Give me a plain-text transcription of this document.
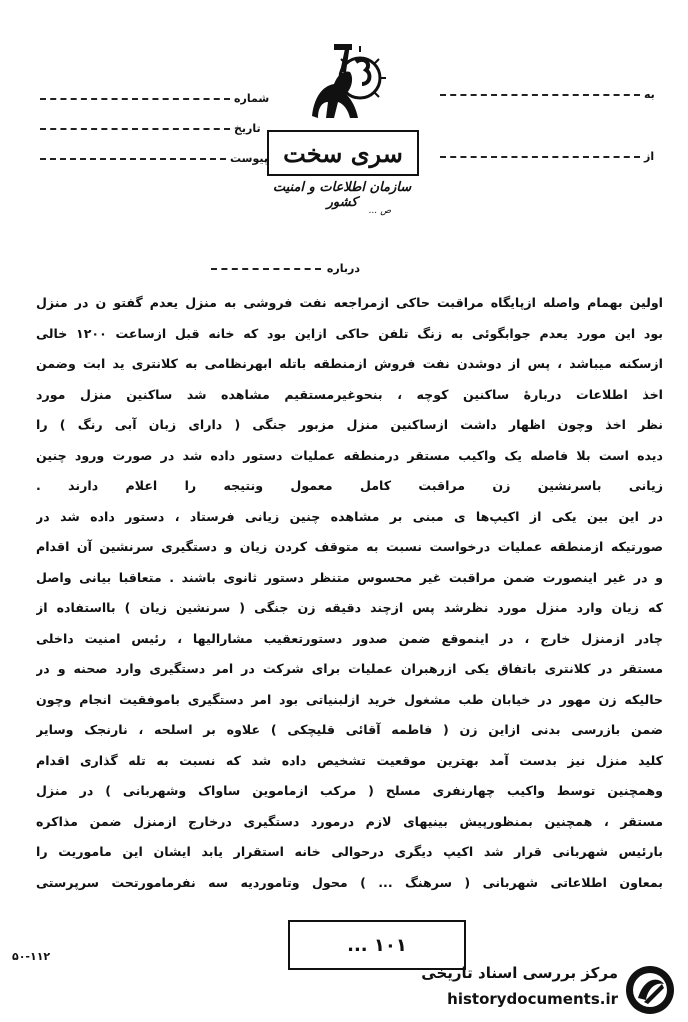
سری سخت
سازمان اطلاعات و امنیت کشور
ص ...
شماره
تاریخ
پیوست
به
از
درباره
اولین بهمام واصله ازپایگاه مراقبت حاکی ازمراجعه نفت فروشی به منزل یعدم گفتو ن در منزل
بود این مورد یعدم جوابگوئی به زنگ تلفن حاکی ازاین بود که خانه قبل ازساعت ۱۲۰۰ خالی
ازسکنه میباشد ، پس از دوشدن نفت فروش ازمنطقه باتله ابهرنظامی به کلانتری ید ابت وضمن
اخذ اطلاعات دربارهٔ ساکنین کوچه ، بنحوغیرمستقیم مشاهده شد ساکنین منزل مورد
نظر اخذ وچون اظهار داشت ازساکنین منزل مزبور جنگی ( دارای زبان آبی رنگ ) را
دیده است بلا فاصله یک واکیب مستقر درمنطقه عملیات دستور داده شد در صورت ورود چنین
زیانی باسرنشین زن مراقبت کامل معمول ونتیجه را اعلام دارند .
در این بین یکی از اکیپ‌ها ی مبنی بر مشاهده چنین زیانی فرستاد ، دستور داده شد در
صورتیکه ازمنطقه عملیات درخواست نسبت به متوقف کردن زیان و دستگیری سرنشین آن اقدام
و در غیر اینصورت ضمن مراقبت غیر محسوس متنظر دستور ثانوی باشند . متعاقبا بیانی واصل
که زیان وارد منزل مورد نظرشد پس ازچند دقیقه زن جنگی ( سرنشین زیان ) بااستفاده از
چادر ازمنزل خارج ، در اینموقع ضمن صدور دستورتعقیب مشارالیها ، رئیس امنیت داخلی
مستقر در کلانتری باتفاق یکی ازرهبران عملیات برای شرکت در امر دستگیری وارد صحنه و در
حالیکه زن مهور در خیابان طب مشغول خرید ازلبنیاتی بود امر دستگیری باموفقیت انجام وچون
ضمن بازرسی بدنی ازاین زن ( فاطمه آقائی قلیچکی ) علاوه بر اسلحه ، نارنجک وسایر
کلید منزل نیز بدست آمد بهترین موقعیت تشخیص داده شد که نسبت به تله گذاری اقدام
وهمچنین توسط واکیب چهارنفری مسلح ( مرکب ازماموین ساواک وشهربانی ) در منزل
مستقر ، همچنین بمنظورپیش بینیهای لازم درمورد دستگیری درخارج ازمنزل ضمن مذاکره
بارئیس شهربانی قرار شد اکیپ دیگری درحوالی خانه استقرار یابد ایشان این ماموریت را
بمعاون اطلاعاتی شهربانی ( سرهنگ ... ) محول وتاموردیه سه نفرمامورتحت سرپرستی
۱۰۱ ...
۵۰-۱۱۲
مرکز بررسی اسناد تاریخی
historydocuments.ir
